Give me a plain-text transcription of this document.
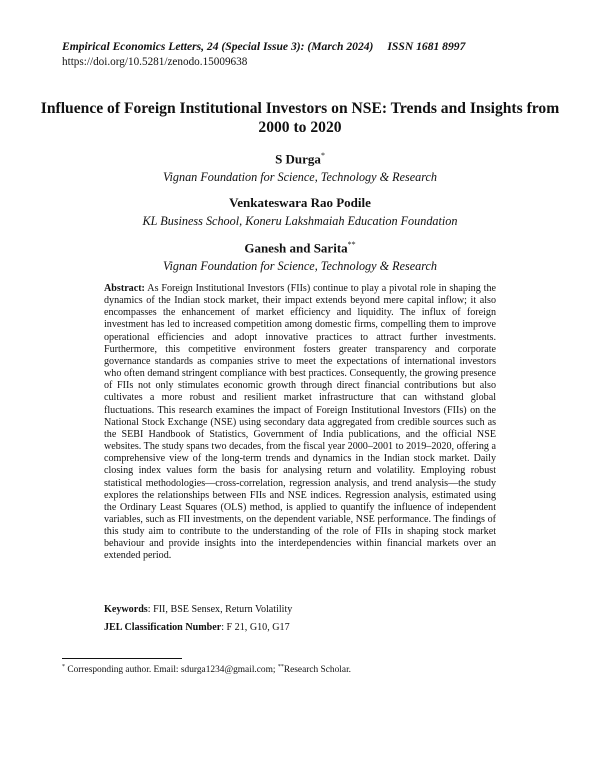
Empirical Economics Letters, 24 (Special Issue 3): (March 2024) ISSN 1681 8997
https://doi.org/10.5281/zenodo.15009638
Influence of Foreign Institutional Investors on NSE: Trends and Insights from 2000 to 2020
S Durga*
Vignan Foundation for Science, Technology & Research
Venkateswara Rao Podile
KL Business School, Koneru Lakshmaiah Education Foundation
Ganesh and Sarita**
Vignan Foundation for Science, Technology & Research
Abstract: As Foreign Institutional Investors (FIIs) continue to play a pivotal role in shaping the dynamics of the Indian stock market, their impact extends beyond mere capital inflow; it also encompasses the enhancement of market efficiency and liquidity. The influx of foreign investment has led to increased competition among domestic firms, compelling them to improve operational efficiencies and adopt innovative practices to attract further investments. Furthermore, this competitive environment fosters greater transparency and corporate governance standards as companies strive to meet the expectations of international investors who often demand stringent compliance with best practices. Consequently, the growing presence of FIIs not only stimulates economic growth through direct financial contributions but also cultivates a more robust and resilient market infrastructure that can withstand global fluctuations. This research examines the impact of Foreign Institutional Investors (FIIs) on the National Stock Exchange (NSE) using secondary data aggregated from credible sources such as the SEBI Handbook of Statistics, Government of India publications, and the official NSE websites. The study spans two decades, from the fiscal year 2000–2001 to 2019–2020, offering a comprehensive view of the long-term trends and dynamics in the Indian stock market. Daily closing index values form the basis for analysing return and volatility. Employing robust statistical methodologies—cross-correlation, regression analysis, and trend analysis—the study explores the relationships between FIIs and NSE indices. Regression analysis, estimated using the Ordinary Least Squares (OLS) method, is applied to quantify the influence of independent variables, such as FII investments, on the dependent variable, NSE performance. The findings of this study aim to contribute to the understanding of the role of FIIs in shaping stock market behaviour and provide insights into the interdependencies within financial markets over an extended period.
Keywords: FII, BSE Sensex, Return Volatility
JEL Classification Number: F 21, G10, G17
* Corresponding author. Email: sdurga1234@gmail.com; **Research Scholar.
